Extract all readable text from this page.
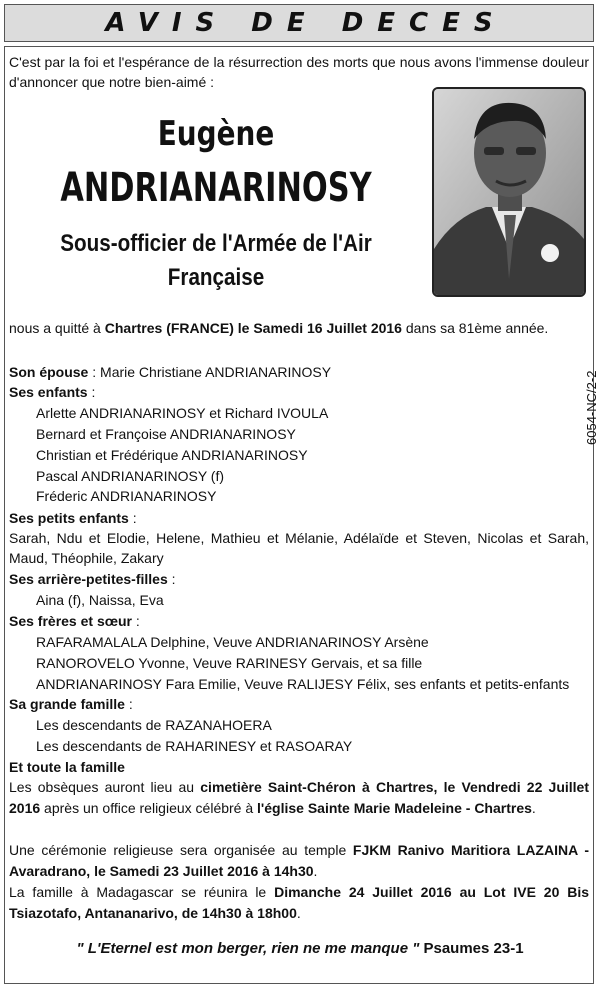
AVIS DE DECES
C'est par la foi et l'espérance de la résurrection des morts que nous avons l'immense douleur d'annoncer que notre bien-aimé :
Eugène
ANDRIANARINOSY
Sous-officier de l'Armée de l'Air
Française
nous a quitté à Chartres (FRANCE) le Samedi 16 Juillet 2016 dans sa 81ème année.
Son épouse : Marie Christiane ANDRIANARINOSY
Ses enfants :
Arlette ANDRIANARINOSY et Richard IVOULA
Bernard et Françoise ANDRIANARINOSY
Christian et Frédérique ANDRIANARINOSY
Pascal ANDRIANARINOSY (f)
Fréderic ANDRIANARINOSY
Ses petits enfants :
Sarah, Ndu et Elodie, Helene, Mathieu et Mélanie, Adélaïde et Steven, Nicolas et Sarah,
Maud, Théophile, Zakary
Ses arrière-petites-filles :
Aina (f), Naissa, Eva
Ses frères et sœur :
RAFARAMALALA Delphine, Veuve ANDRIANARINOSY Arsène
RANOROVELO Yvonne, Veuve RARINESY Gervais, et sa fille
ANDRIANARINOSY Fara Emilie, Veuve RALIJESY Félix, ses enfants et petits-enfants
Sa grande famille :
Les descendants de RAZANAHOERA
Les descendants de RAHARINESY et RASOARAY
Et toute la famille
Les obsèques auront lieu au cimetière Saint-Chéron à Chartres, le Vendredi 22 Juillet
2016 après un office religieux célébré à l'église Sainte Marie Madeleine - Chartres.
Une cérémonie religieuse sera organisée au temple FJKM Ranivo Maritiora LAZAINA -
Avaradrano, le Samedi 23 Juillet 2016 à 14h30.
La famille à Madagascar se réunira le Dimanche 24 Juillet 2016 au Lot IVE 20 Bis
Tsiazotafo, Antananarivo, de 14h30 à 18h00.
" L'Eternel est mon berger, rien ne me manque " Psaumes 23-1
6054-NC/2-2
